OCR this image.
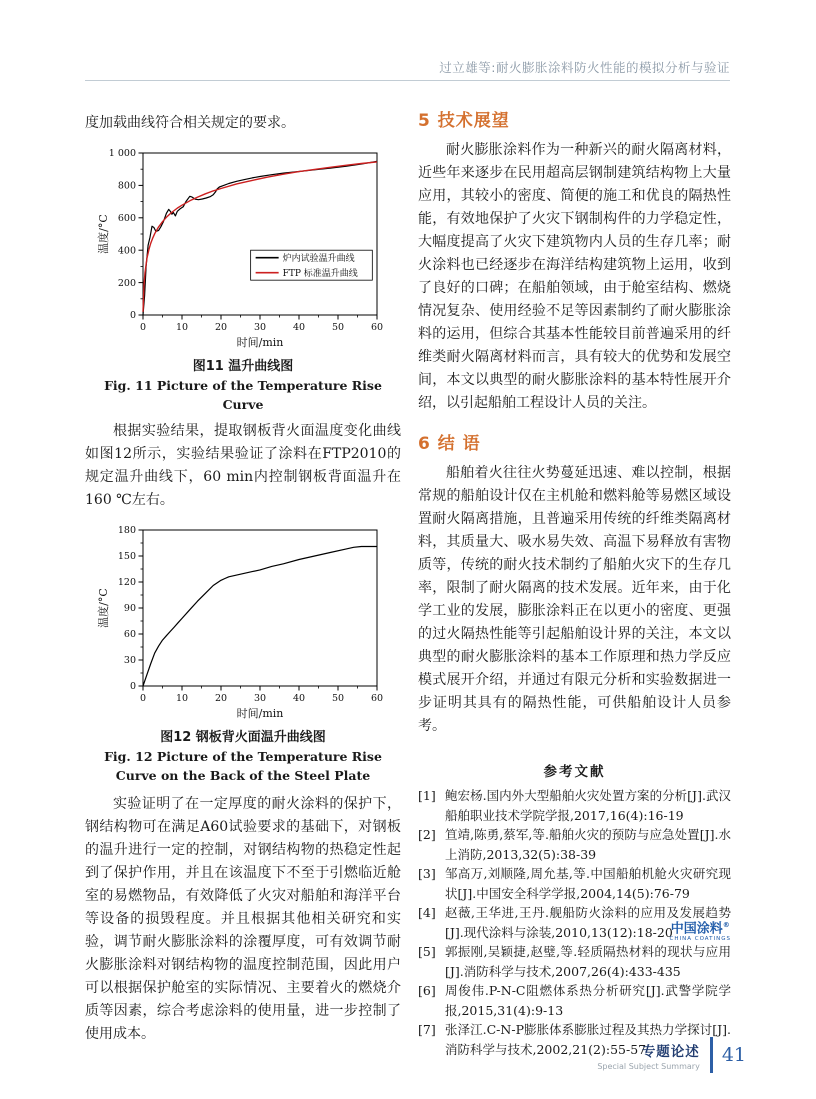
过立雄等:耐火膨胀涂料防火性能的模拟分析与验证

度加载曲线符合相关规定的要求。

0	10	20	30	40	50	60
0
200
400
600
800
1 000
时间/min
温度/°C
炉内试验温升曲线
FTP 标准温升曲线
图11 温升曲线图
Fig. 11 Picture of the Temperature Rise Curve

根据实验结果，提取钢板背火面温度变化曲线如图12所示，实验结果验证了涂料在FTP2010的规定温升曲线下，60 min内控制钢板背面温升在160 ℃左右。

0	10	20	30	40	50	60
0
30
60
90
120
150
180
时间/min
温度/°C
图12 钢板背火面温升曲线图
Fig. 12 Picture of the Temperature Rise Curve on the Back of the Steel Plate

实验证明了在一定厚度的耐火涂料的保护下，钢结构物可在满足A60试验要求的基础下，对钢板的温升进行一定的控制，对钢结构物的热稳定性起到了保护作用，并且在该温度下不至于引燃临近舱室的易燃物品，有效降低了火灾对船舶和海洋平台等设备的损毁程度。并且根据其他相关研究和实验，调节耐火膨胀涂料的涂覆厚度，可有效调节耐火膨胀涂料对钢结构物的温度控制范围，因此用户可以根据保护舱室的实际情况、主要着火的燃烧介质等因素，综合考虑涂料的使用量，进一步控制了使用成本。

5 技术展望

耐火膨胀涂料作为一种新兴的耐火隔离材料，近些年来逐步在民用超高层钢制建筑结构物上大量应用，其较小的密度、简便的施工和优良的隔热性能，有效地保护了火灾下钢制构件的力学稳定性，大幅度提高了火灾下建筑物内人员的生存几率；耐火涂料也已经逐步在海洋结构建筑物上运用，收到了良好的口碑；在船舶领域，由于舱室结构、燃烧情况复杂、使用经验不足等因素制约了耐火膨胀涂料的运用，但综合其基本性能较目前普遍采用的纤维类耐火隔离材料而言，具有较大的优势和发展空间，本文以典型的耐火膨胀涂料的基本特性展开介绍，以引起船舶工程设计人员的关注。

6 结 语

船舶着火往往火势蔓延迅速、难以控制，根据常规的船舶设计仅在主机舱和燃料舱等易燃区域设置耐火隔离措施，且普遍采用传统的纤维类隔离材料，其质量大、吸水易失效、高温下易释放有害物质等，传统的耐火技术制约了船舶火灾下的生存几率，限制了耐火隔离的技术发展。近年来，由于化学工业的发展，膨胀涂料正在以更小的密度、更强的过火隔热性能等引起船舶设计界的关注，本文以典型的耐火膨胀涂料的基本工作原理和热力学反应模式展开介绍，并通过有限元分析和实验数据进一步证明其具有的隔热性能，可供船舶设计人员参考。

参考文献
[1] 鲍宏杨.国内外大型船舶火灾处置方案的分析[J].武汉船舶职业技术学院学报,2017,16(4):16-19
[2] 笪靖,陈勇,蔡军,等.船舶火灾的预防与应急处置[J].水上消防,2013,32(5):38-39
[3] 邹高万,刘顺隆,周允基,等.中国船舶机舱火灾研究现状[J].中国安全科学学报,2004,14(5):76-79
[4] 赵薇,王华进,王丹.舰船防火涂料的应用及发展趋势[J].现代涂料与涂装,2010,13(12):18-20
[5] 郭振刚,吴颖捷,赵璧,等.轻质隔热材料的现状与应用[J].消防科学与技术,2007,26(4):433-435
[6] 周俊伟.P-N-C阻燃体系热分析研究[J].武警学院学报,2015,31(4):9-13
[7] 张泽江.C-N-P膨胀体系膨胀过程及其热力学探讨[J].消防科学与技术,2002,21(2):55-57
中国涂料®
CHINA COATINGS
专题论述
Special Subject Summary 41
